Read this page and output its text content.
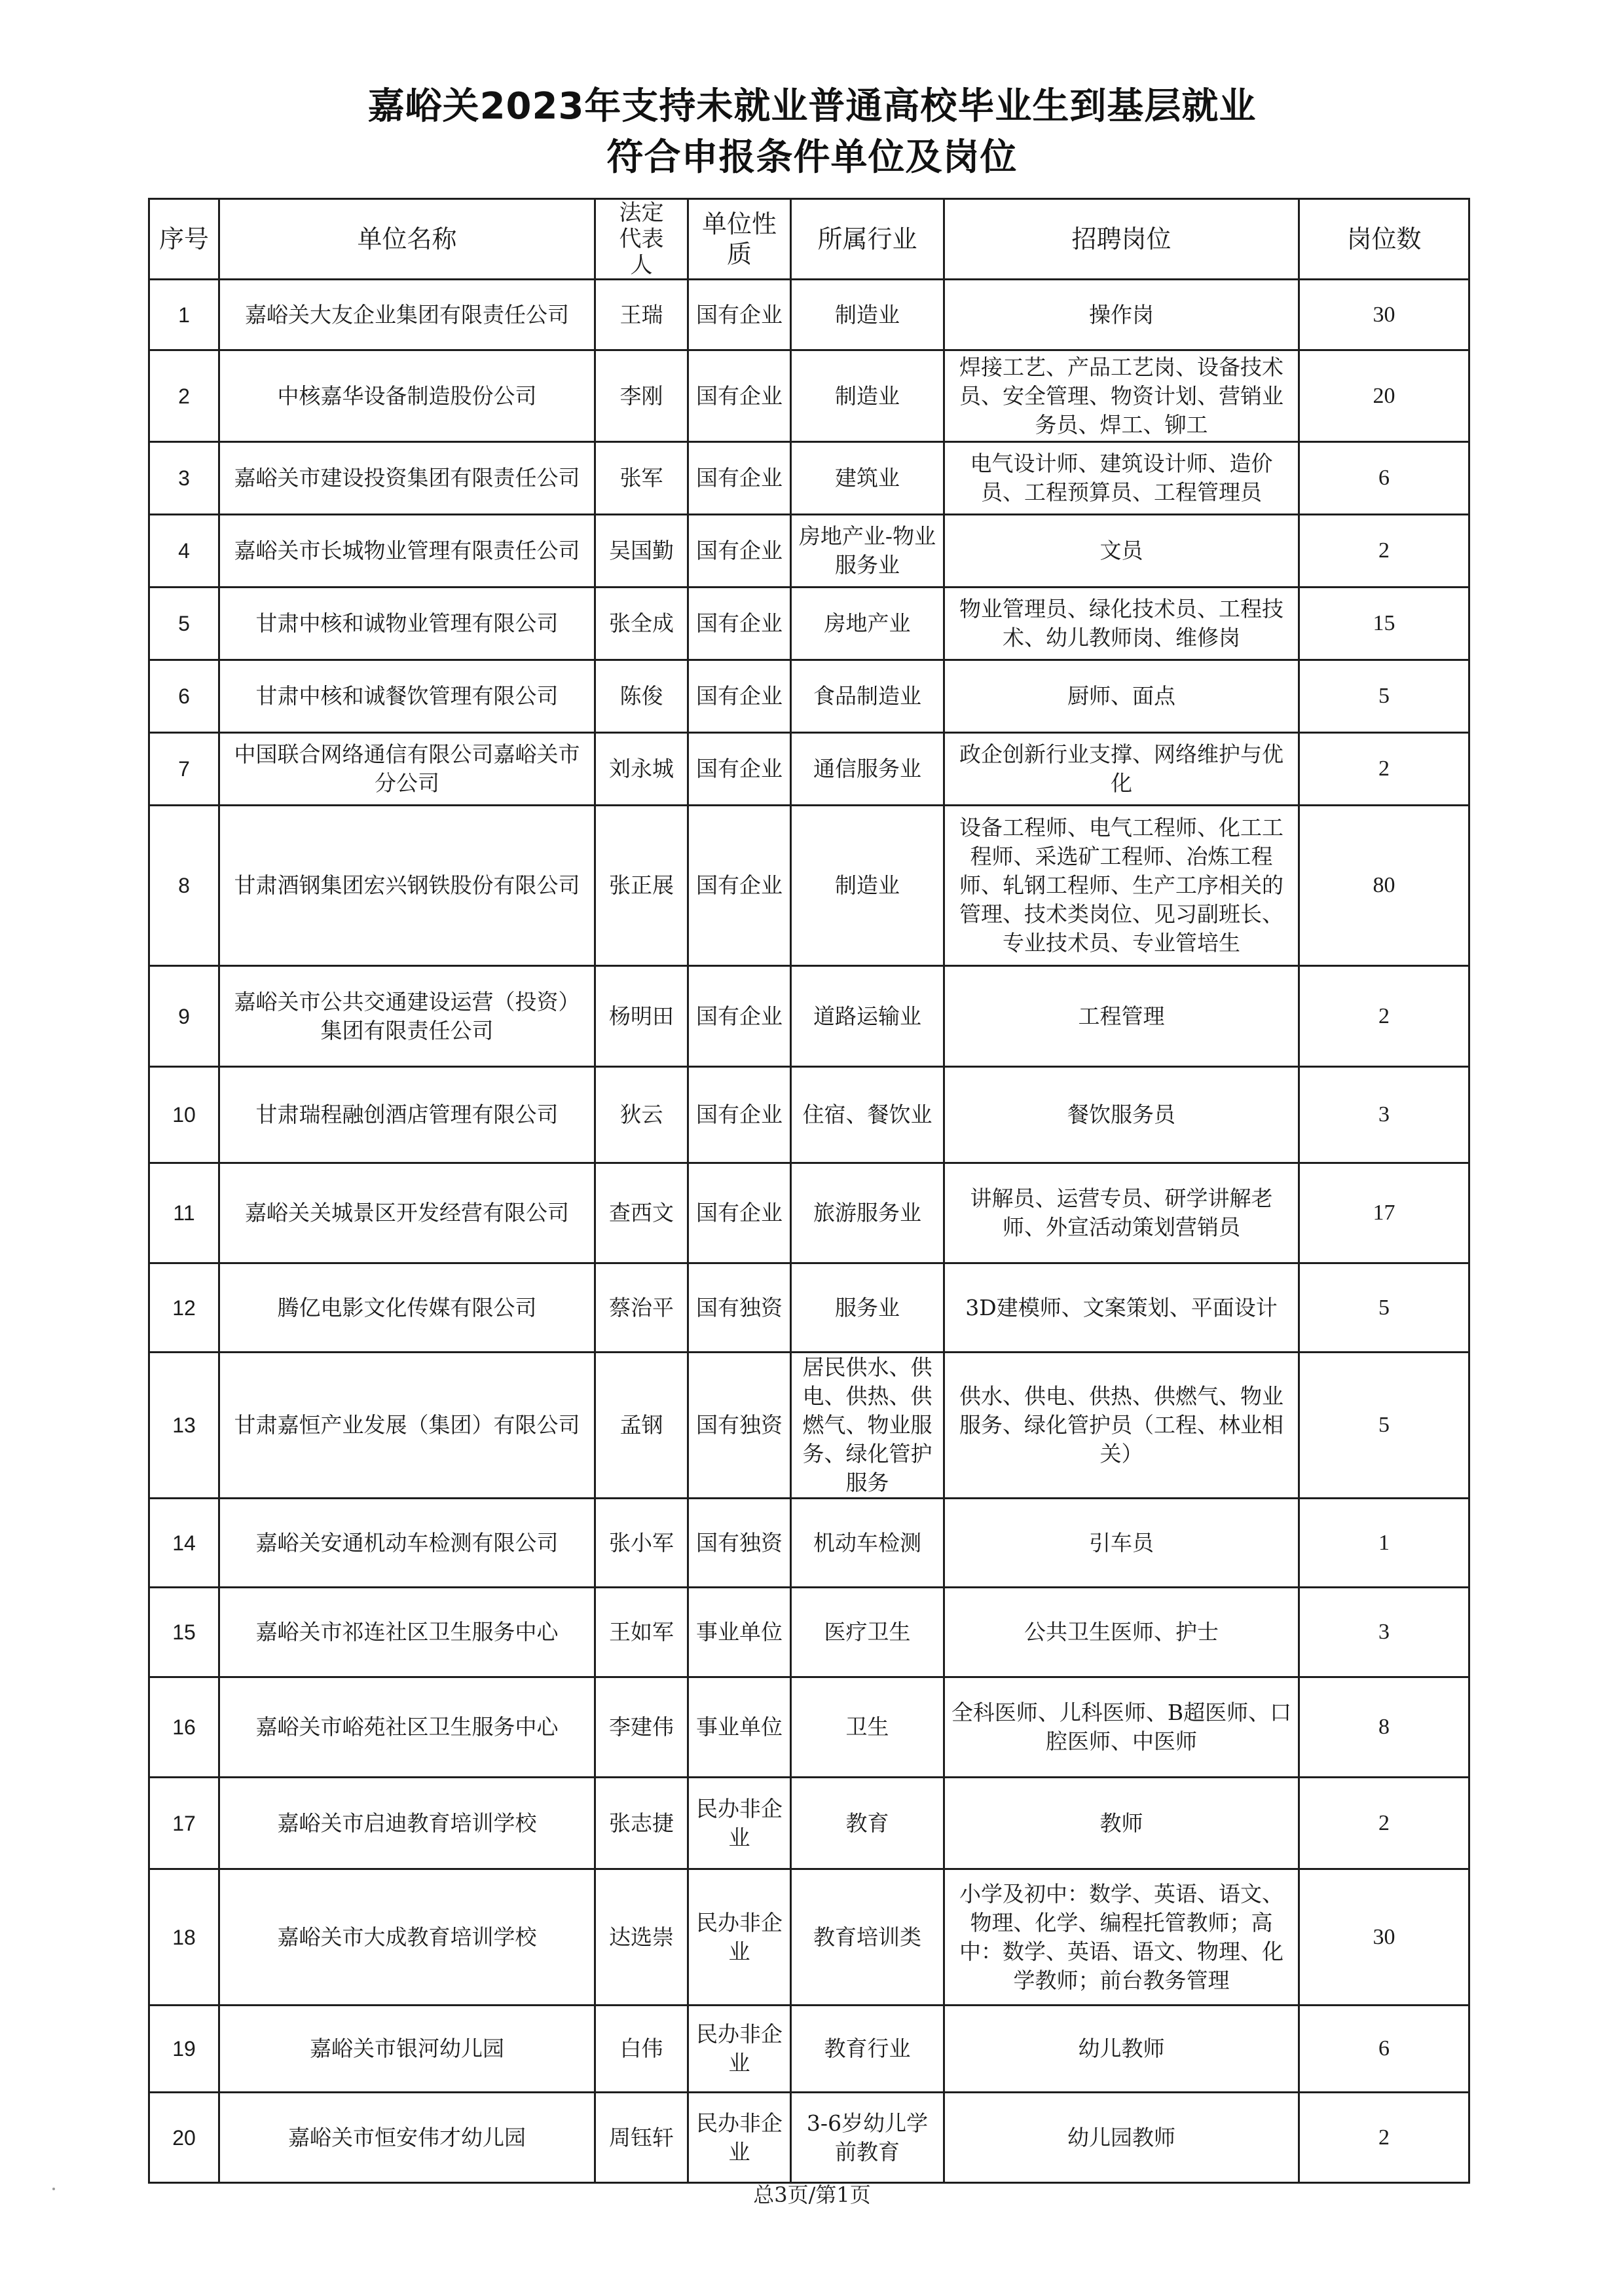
嘉峪关2023年支持未就业普通高校毕业生到基层就业
符合申报条件单位及岗位
序号	单位名称	法定代表人	单位性质	所属行业	招聘岗位	岗位数
1	嘉峪关大友企业集团有限责任公司	王瑞	国有企业	制造业	操作岗	30
2	中核嘉华设备制造股份公司	李刚	国有企业	制造业	焊接工艺、产品工艺岗、设备技术员、安全管理、物资计划、营销业务员、焊工、铆工	20
3	嘉峪关市建设投资集团有限责任公司	张军	国有企业	建筑业	电气设计师、建筑设计师、造价员、工程预算员、工程管理员	6
4	嘉峪关市长城物业管理有限责任公司	吴国勤	国有企业	房地产业-物业服务业	文员	2
5	甘肃中核和诚物业管理有限公司	张全成	国有企业	房地产业	物业管理员、绿化技术员、工程技术、幼儿教师岗、维修岗	15
6	甘肃中核和诚餐饮管理有限公司	陈俊	国有企业	食品制造业	厨师、面点	5
7	中国联合网络通信有限公司嘉峪关市分公司	刘永城	国有企业	通信服务业	政企创新行业支撑、网络维护与优化	2
8	甘肃酒钢集团宏兴钢铁股份有限公司	张正展	国有企业	制造业	设备工程师、电气工程师、化工工程师、采选矿工程师、冶炼工程师、轧钢工程师、生产工序相关的管理、技术类岗位、见习副班长、专业技术员、专业管培生	80
9	嘉峪关市公共交通建设运营（投资）集团有限责任公司	杨明田	国有企业	道路运输业	工程管理	2
10	甘肃瑞程融创酒店管理有限公司	狄云	国有企业	住宿、餐饮业	餐饮服务员	3
11	嘉峪关关城景区开发经营有限公司	查西文	国有企业	旅游服务业	讲解员、运营专员、研学讲解老师、外宣活动策划营销员	17
12	腾亿电影文化传媒有限公司	蔡治平	国有独资	服务业	3D建模师、文案策划、平面设计	5
13	甘肃嘉恒产业发展（集团）有限公司	孟钢	国有独资	居民供水、供电、供热、供燃气、物业服务、绿化管护服务	供水、供电、供热、供燃气、物业服务、绿化管护员（工程、林业相关）	5
14	嘉峪关安通机动车检测有限公司	张小军	国有独资	机动车检测	引车员	1
15	嘉峪关市祁连社区卫生服务中心	王如军	事业单位	医疗卫生	公共卫生医师、护士	3
16	嘉峪关市峪苑社区卫生服务中心	李建伟	事业单位	卫生	全科医师、儿科医师、B超医师、口腔医师、中医师	8
17	嘉峪关市启迪教育培训学校	张志捷	民办非企业	教育	教师	2
18	嘉峪关市大成教育培训学校	达选崇	民办非企业	教育培训类	小学及初中：数学、英语、语文、物理、化学、编程托管教师；高中：数学、英语、语文、物理、化学教师；前台教务管理	30
19	嘉峪关市银河幼儿园	白伟	民办非企业	教育行业	幼儿教师	6
20	嘉峪关市恒安伟才幼儿园	周钰轩	民办非企业	3-6岁幼儿学前教育	幼儿园教师	2
总3页/第1页
